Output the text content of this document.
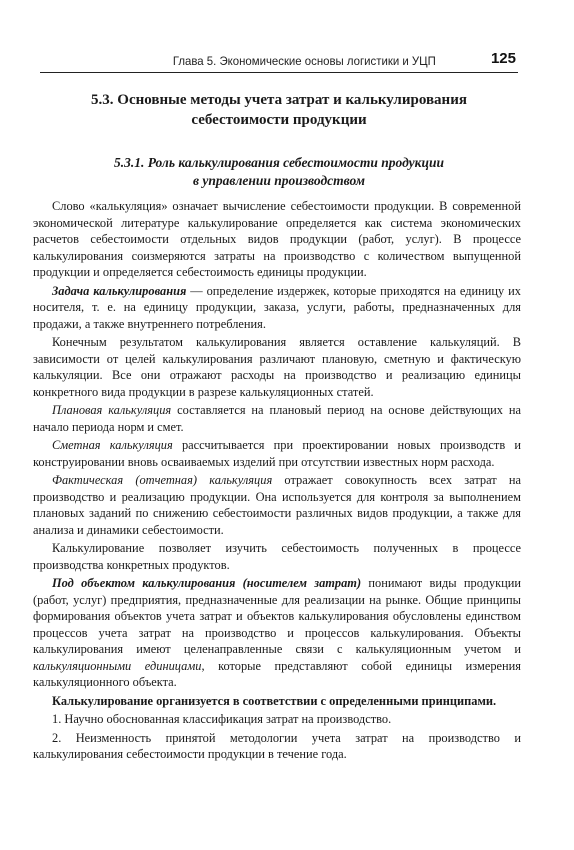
Глава 5. Экономические основы логистики и УЦП	125
5.3. Основные методы учета затрат и калькулирования
себестоимости продукции
5.3.1. Роль калькулирования себестоимости продукции
в управлении производством

Слово «калькуляция» означает вычисление себестоимости продукции. В современной экономической литературе калькулирование определяется как система экономических расчетов себестоимости отдельных видов продукции (работ, услуг). В процессе калькулирования соизмеряются затраты на производство с количеством выпущенной продукции и определяется себестоимость единицы продукции.

Задача калькулирования — определение издержек, которые приходятся на единицу их носителя, т. е. на единицу продукции, заказа, услуги, работы, предназначенных для продажи, а также внутреннего потребления.

Конечным результатом калькулирования является оставление калькуляций. В зависимости от целей калькулирования различают плановую, сметную и фактическую калькуляции. Все они отражают расходы на производство и реализацию единицы конкретного вида продукции в разрезе калькуляционных статей.

Плановая калькуляция составляется на плановый период на основе действующих на начало периода норм и смет.

Сметная калькуляция рассчитывается при проектировании новых производств и конструировании вновь осваиваемых изделий при отсутствии известных норм расхода.

Фактическая (отчетная) калькуляция отражает совокупность всех затрат на производство и реализацию продукции. Она используется для контроля за выполнением плановых заданий по снижению себестоимости различных видов продукции, а также для анализа и динамики себестоимости.

Калькулирование позволяет изучить себестоимость полученных в процессе производства конкретных продуктов.

Под объектом калькулирования (носителем затрат) понимают виды продукции (работ, услуг) предприятия, предназначенные для реализации на рынке. Общие принципы формирования объектов учета затрат и объектов калькулирования обусловлены единством процессов учета затрат на производство и процессов калькулирования. Объекты калькулирования имеют целенаправленные связи с калькуляционным учетом и калькуляционными единицами, которые представляют собой единицы измерения калькуляционного объекта.

Калькулирование организуется в соответствии с определенными принципами.

1. Научно обоснованная классификация затрат на производство.

2. Неизменность принятой методологии учета затрат на производство и калькулирования себестоимости продукции в течение года.
